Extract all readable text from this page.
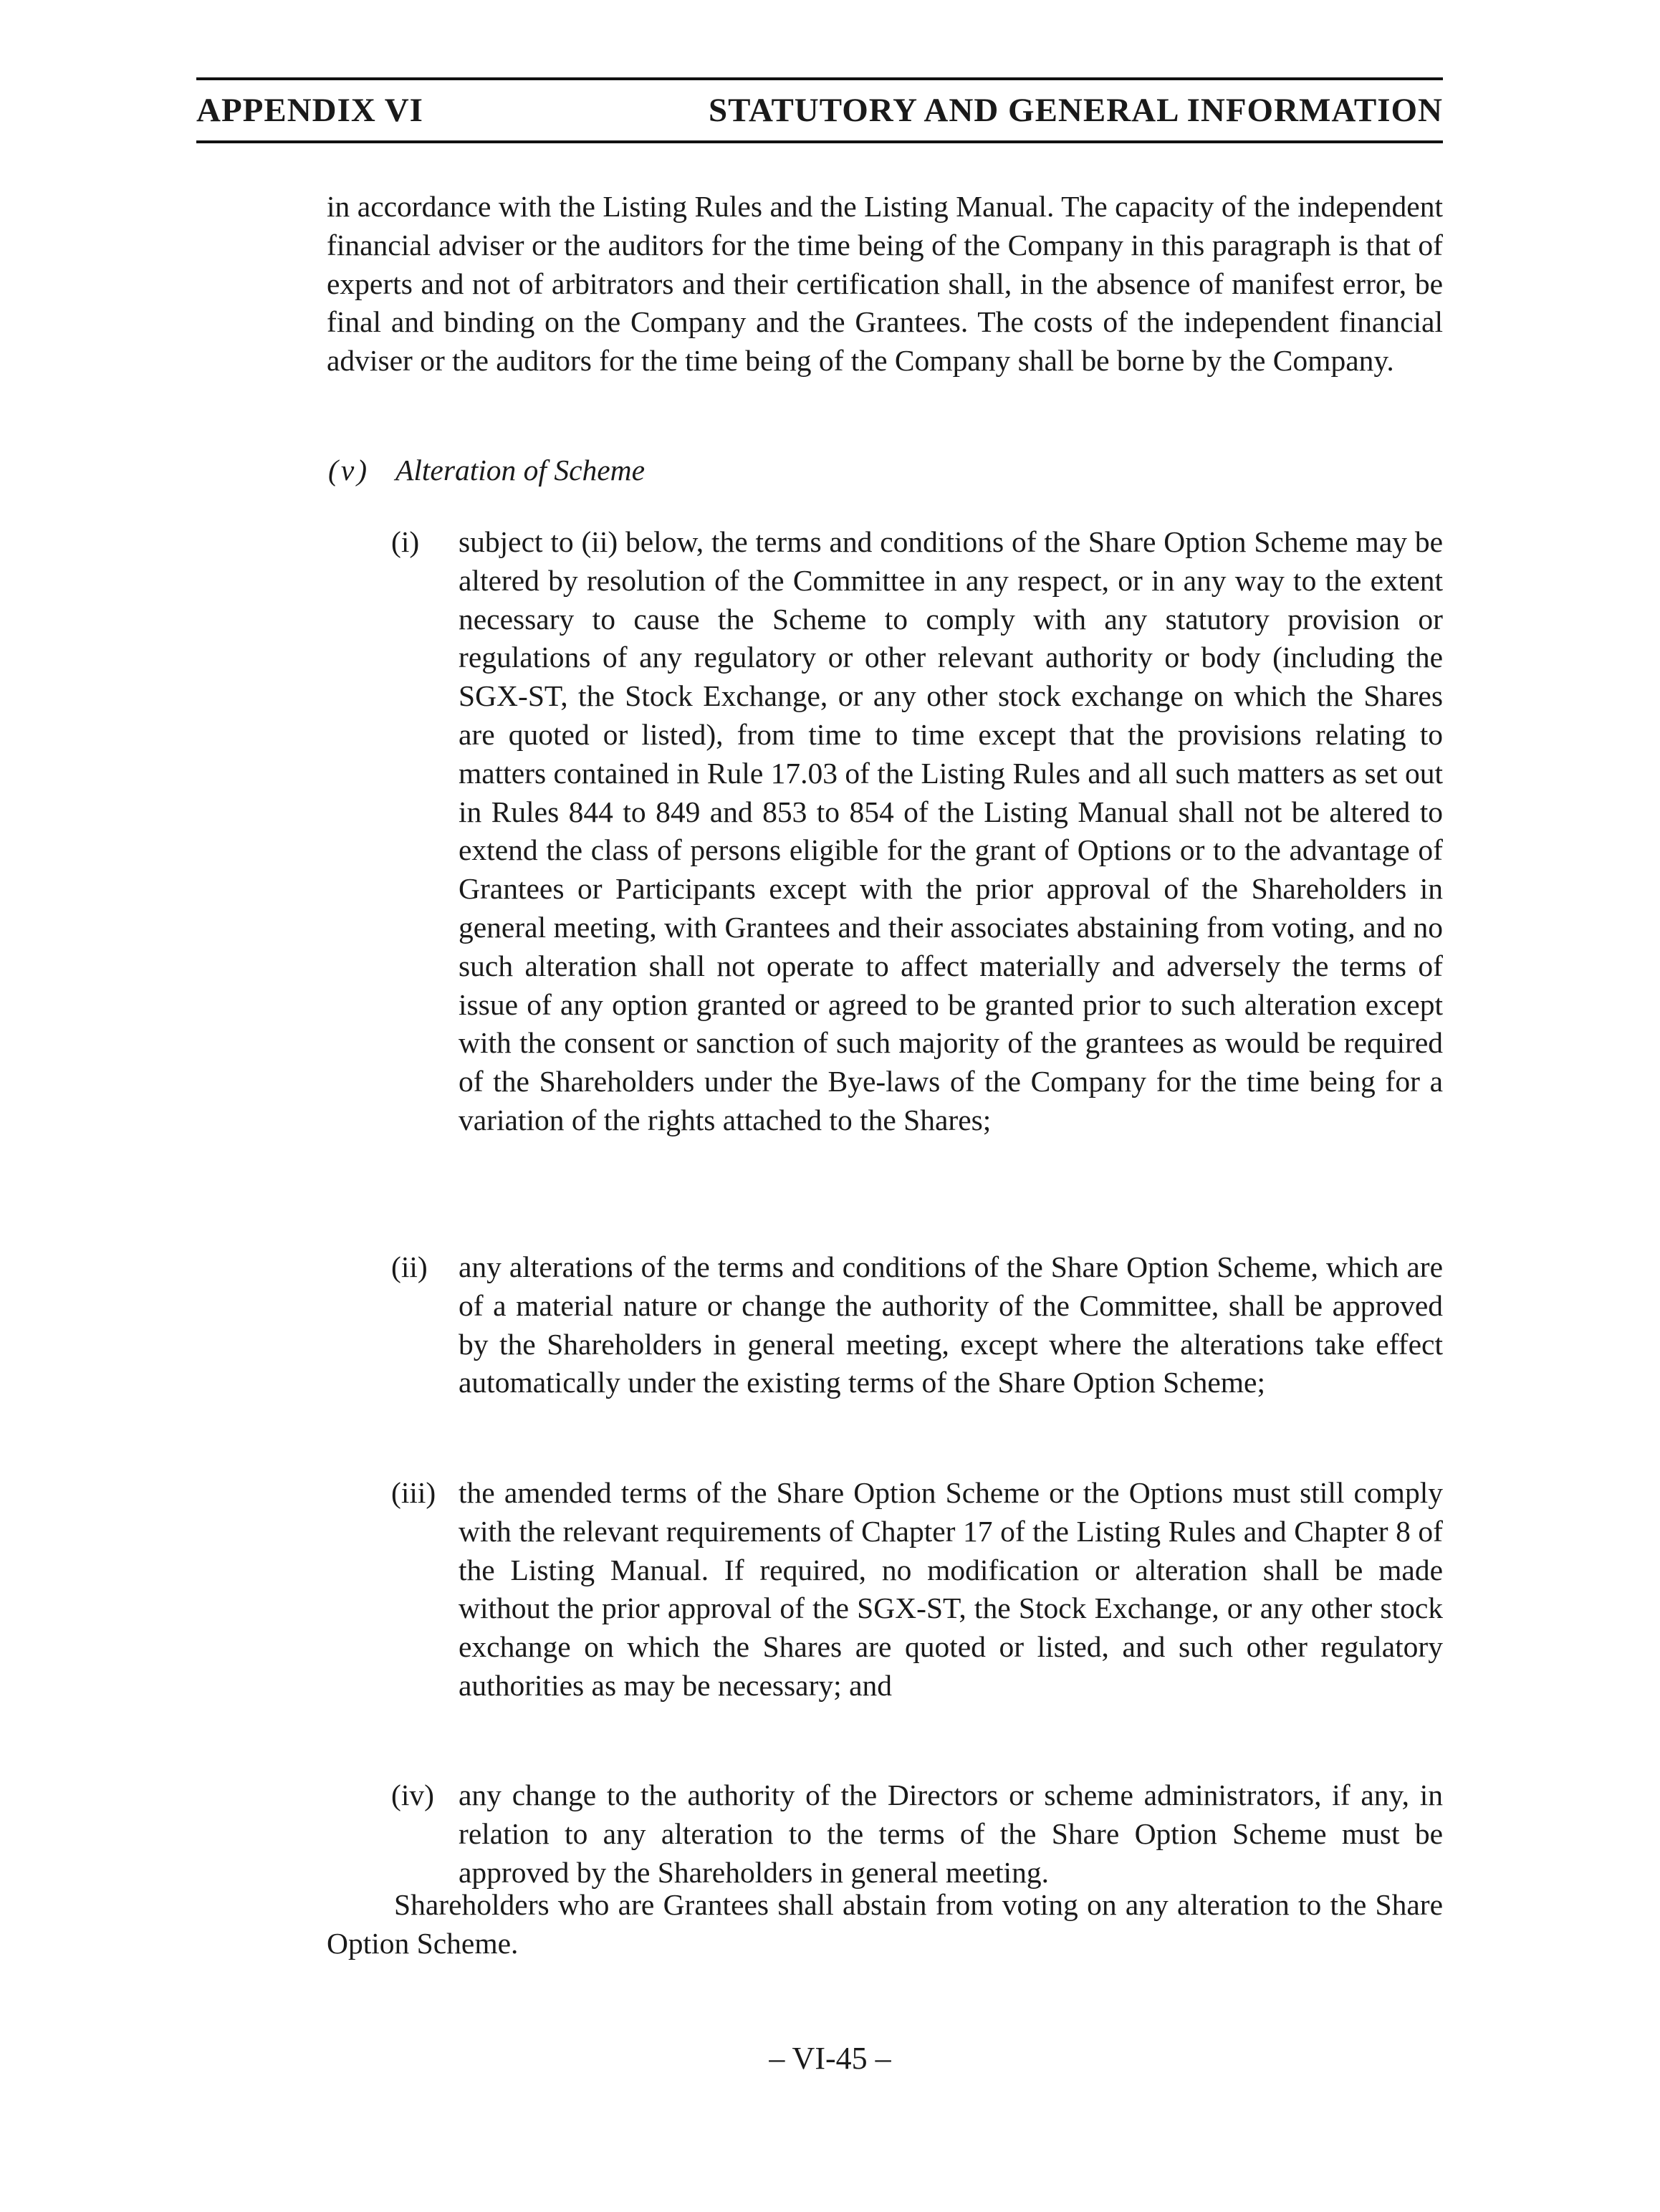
APPENDIX VI	STATUTORY AND GENERAL INFORMATION
in accordance with the Listing Rules and the Listing Manual. The capacity of the independent financial adviser or the auditors for the time being of the Company in this paragraph is that of experts and not of arbitrators and their certification shall, in the absence of manifest error, be final and binding on the Company and the Grantees. The costs of the independent financial adviser or the auditors for the time being of the Company shall be borne by the Company.
(v) Alteration of Scheme
(i) subject to (ii) below, the terms and conditions of the Share Option Scheme may be altered by resolution of the Committee in any respect, or in any way to the extent necessary to cause the Scheme to comply with any statutory provision or regulations of any regulatory or other relevant authority or body (including the SGX-ST, the Stock Exchange, or any other stock exchange on which the Shares are quoted or listed), from time to time except that the provisions relating to matters contained in Rule 17.03 of the Listing Rules and all such matters as set out in Rules 844 to 849 and 853 to 854 of the Listing Manual shall not be altered to extend the class of persons eligible for the grant of Options or to the advantage of Grantees or Participants except with the prior approval of the Shareholders in general meeting, with Grantees and their associates abstaining from voting, and no such alteration shall not operate to affect materially and adversely the terms of issue of any option granted or agreed to be granted prior to such alteration except with the consent or sanction of such majority of the grantees as would be required of the Shareholders under the Bye-laws of the Company for the time being for a variation of the rights attached to the Shares;
(ii) any alterations of the terms and conditions of the Share Option Scheme, which are of a material nature or change the authority of the Committee, shall be approved by the Shareholders in general meeting, except where the alterations take effect automatically under the existing terms of the Share Option Scheme;
(iii) the amended terms of the Share Option Scheme or the Options must still comply with the relevant requirements of Chapter 17 of the Listing Rules and Chapter 8 of the Listing Manual. If required, no modification or alteration shall be made without the prior approval of the SGX-ST, the Stock Exchange, or any other stock exchange on which the Shares are quoted or listed, and such other regulatory authorities as may be necessary; and
(iv) any change to the authority of the Directors or scheme administrators, if any, in relation to any alteration to the terms of the Share Option Scheme must be approved by the Shareholders in general meeting.
Shareholders who are Grantees shall abstain from voting on any alteration to the Share Option Scheme.
– VI-45 –
